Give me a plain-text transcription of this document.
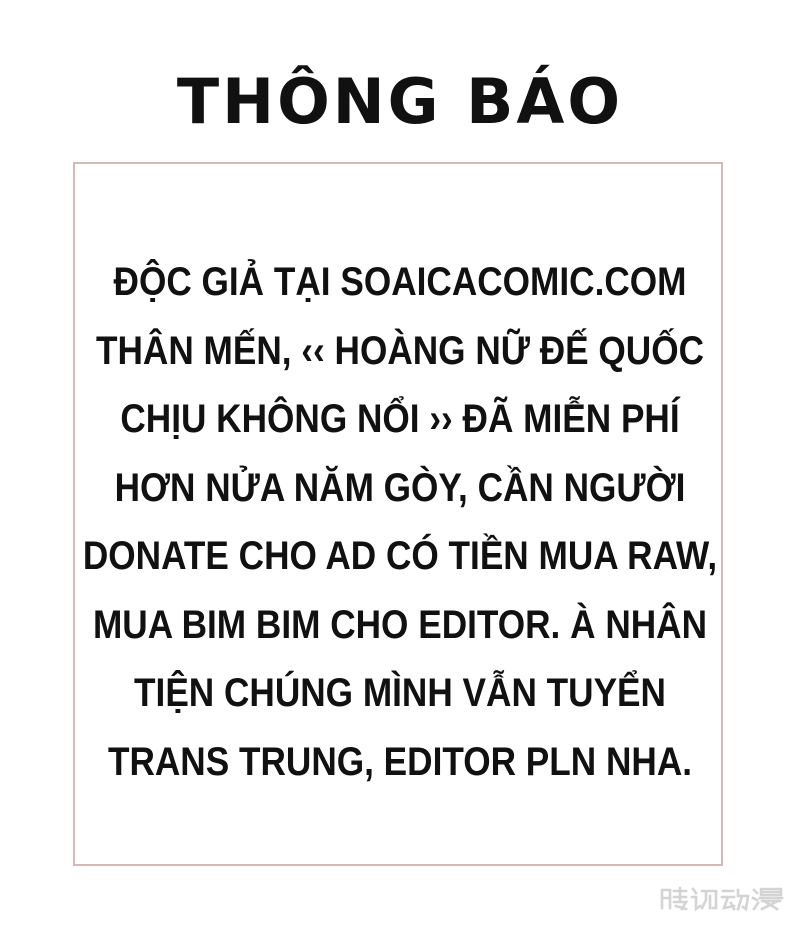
THÔNG BÁO
ĐỘC GIẢ TẠI SOAICACOMIC.COM
THÂN MẾN, ‹‹ HOÀNG NỮ ĐẾ QUỐC
CHỊU KHÔNG NỔI ›› ĐÃ MIỄN PHÍ
HƠN NỬA NĂM GÒY, CẦN NGƯỜI
DONATE CHO AD CÓ TIỀN MUA RAW,
MUA BIM BIM CHO EDITOR. À NHÂN
TIỆN CHÚNG MÌNH VẪN TUYỂN
TRANS TRUNG, EDITOR PLN NHA.
